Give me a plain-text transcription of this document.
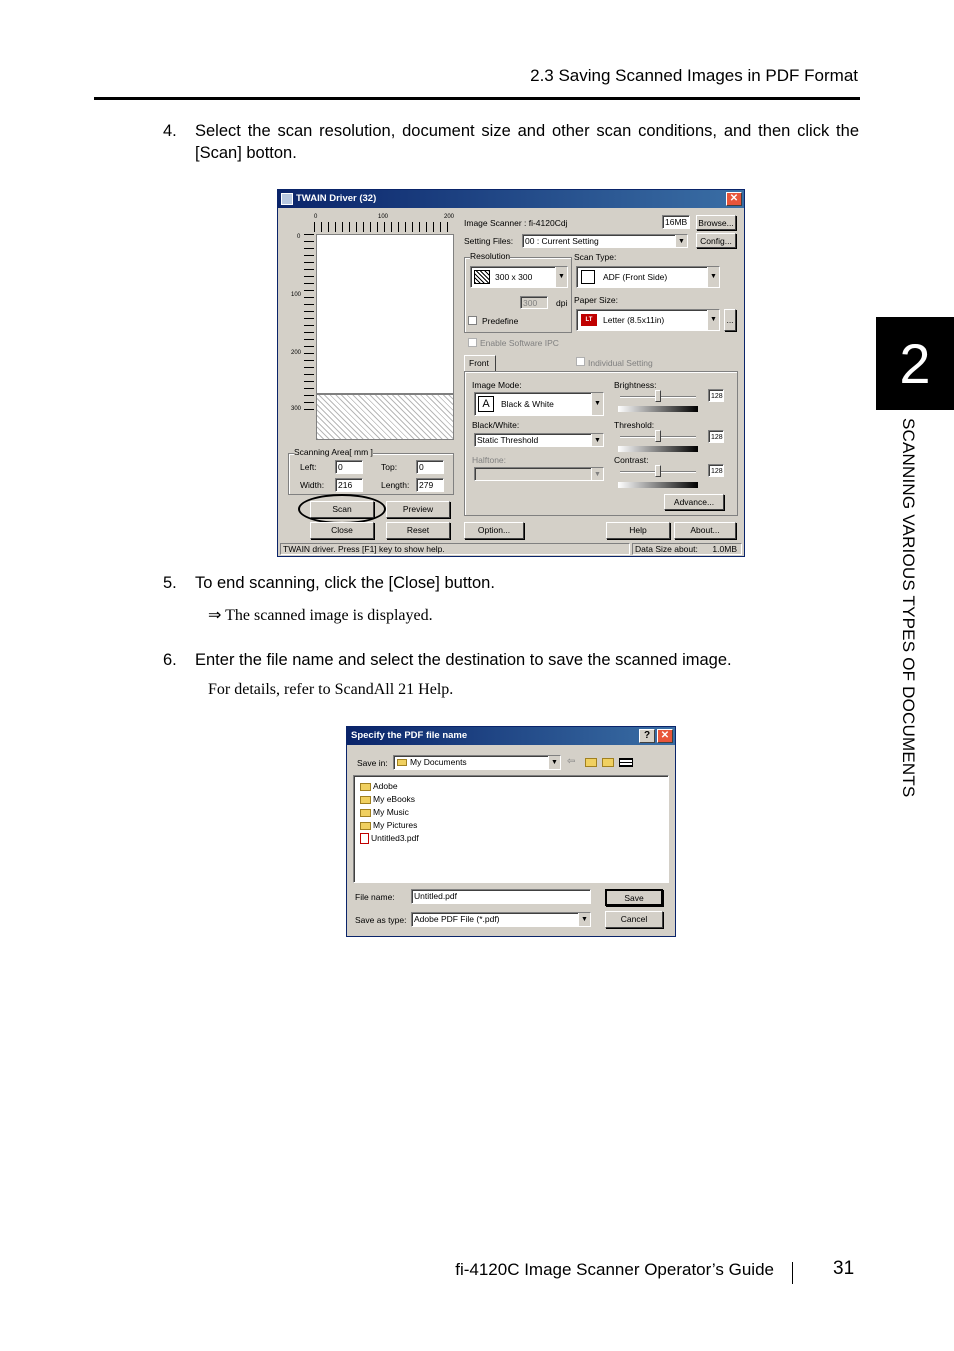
2.3 Saving Scanned Images in PDF Format
4.	Select the scan resolution, document size and other scan conditions, and then click the [Scan] botton.
TWAIN Driver (32)	✕
0	100	200
0
100
200
300
Scanning Area[ mm ]
Left:	0	Top:	0
Width:	216	Length:	279
Scan	Preview
Close	Reset
Image Scanner : fi-4120Cdj	16MB	Browse...
Setting Files:	00 : Current Setting	▼	Config...
Resolution
300 x 300	▼
300	dpi
Predefine
Scan Type:
ADF (Front Side)	▼
Paper Size:
LT	Letter (8.5x11in)	▼ ...
Enable Software IPC
Front	Individual Setting
Image Mode:
A	Black & White	▼
Black/White:
Static Threshold	▼
Halftone:
▼
Brightness:
128
Threshold:
128
Contrast:
128
Advance...
Option...	Help	About...
TWAIN driver. Press [F1] key to show help.	Data Size about: 1.0MB
5.	To end scanning, click the [Close] button.
⇒ The scanned image is displayed.
6.	Enter the file name and select the destination to save the scanned image.
For details, refer to ScandAll 21 Help.
Specify the PDF file name	?	✕
Save in:	My Documents	▼ ⇦
Adobe
My eBooks
My Music
My Pictures
Untitled3.pdf
File name:	Untitled.pdf	Save
Save as type: Adobe PDF File (*.pdf)	▼	Cancel
2
SCANNING VARIOUS TYPES OF DOCUMENTS
fi-4120C Image Scanner Operator’s Guide	31
